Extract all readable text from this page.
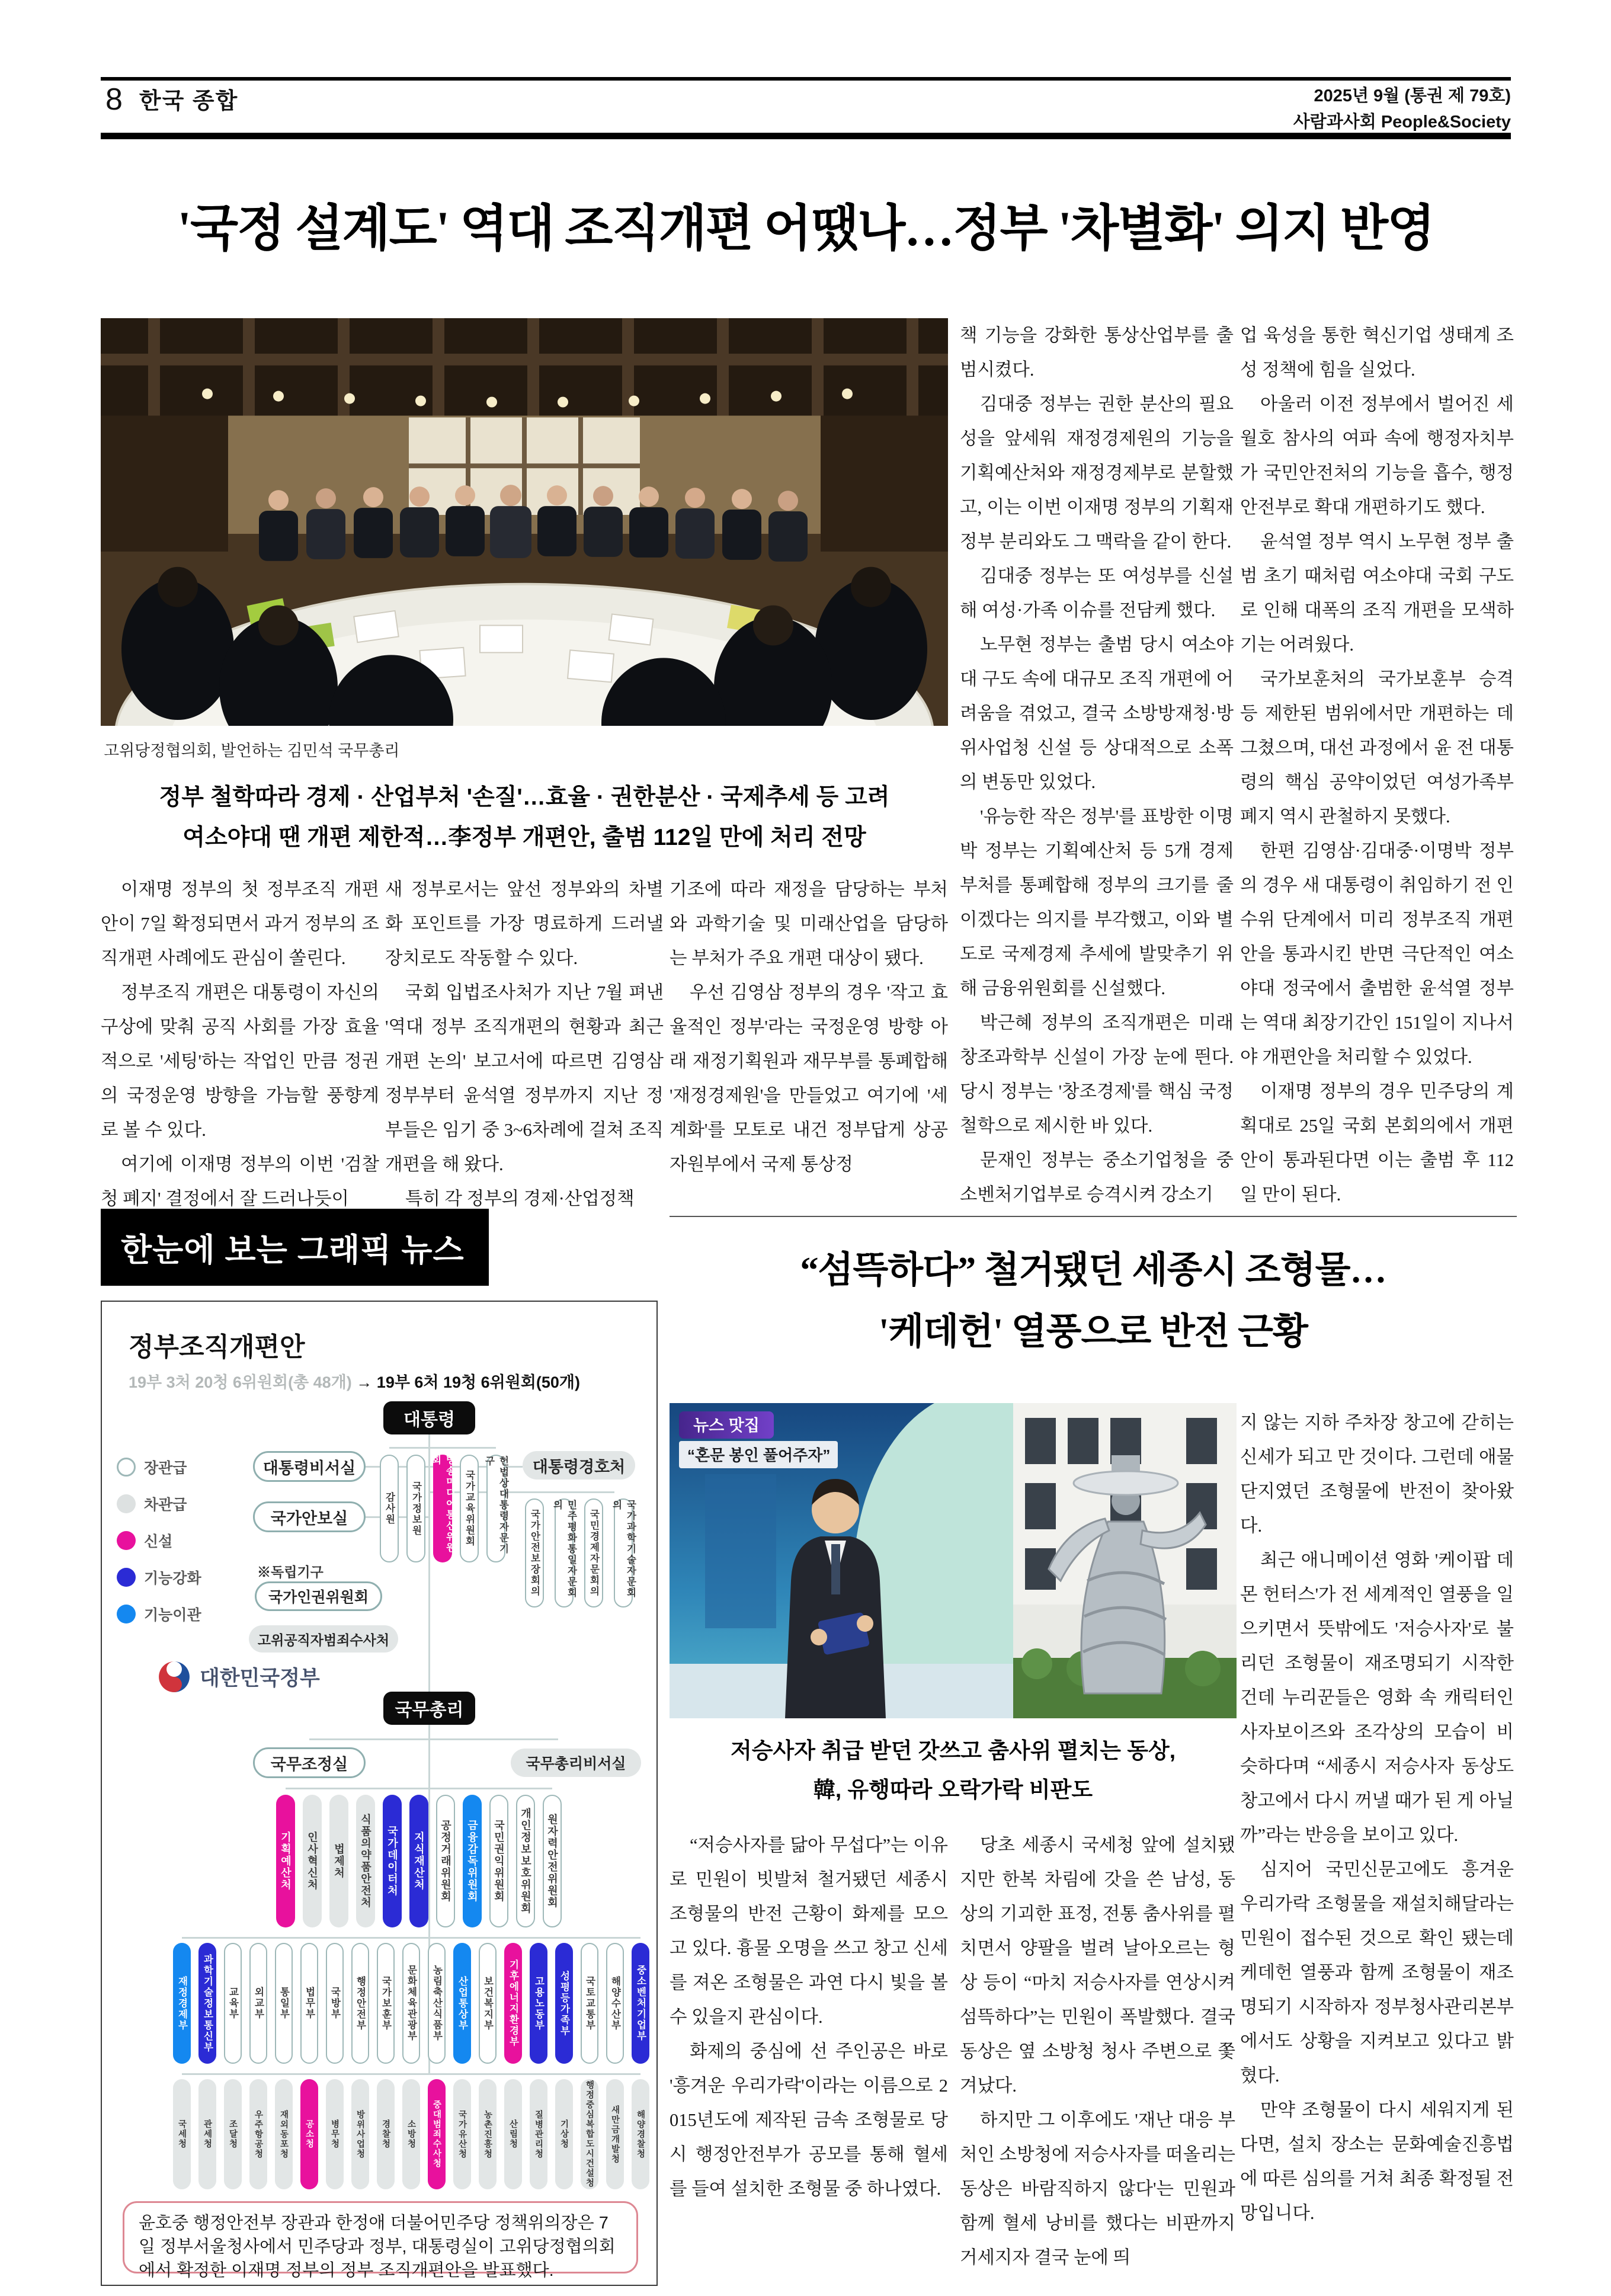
8 한국 종합	2025년 9월 (통권 제 79호)
사람과사회 People&Society
'국정 설계도' 역대 조직개편 어땠나…정부 '차별화' 의지 반영
고위당정협의회, 발언하는 김민석 국무총리
정부 철학따라 경제 · 산업부처 '손질'…효율 · 권한분산 · 국제추세 등 고려
여소야대 땐 개편 제한적…李정부 개편안, 출범 112일 만에 처리 전망

이재명 정부의 첫 정부조직 개편안이 7일 확정되면서 과거 정부의 조직개편 사례에도 관심이 쏠린다.

정부조직 개편은 대통령이 자신의 구상에 맞춰 공직 사회를 가장 효율적으로 '세팅'하는 작업인 만큼 정권의 국정운영 방향을 가늠할 풍향계로 볼 수 있다.

여기에 이재명 정부의 이번 '검찰청 폐지' 결정에서 잘 드러나듯이

새 정부로서는 앞선 정부와의 차별화 포인트를 가장 명료하게 드러낼 장치로도 작동할 수 있다.

국회 입법조사처가 지난 7월 펴낸 '역대 정부 조직개편의 현황과 최근 개편 논의' 보고서에 따르면 김영삼 정부부터 윤석열 정부까지 지난 정부들은 임기 중 3~6차례에 걸쳐 조직개편을 해 왔다.

특히 각 정부의 경제·산업정책

기조에 따라 재정을 담당하는 부처와 과학기술 및 미래산업을 담당하는 부처가 주요 개편 대상이 됐다.

우선 김영삼 정부의 경우 '작고 효율적인 정부'라는 국정운영 방향 아래 재정기획원과 재무부를 통폐합해 '재정경제원'을 만들었고 여기에 '세계화'를 모토로 내건 정부답게 상공자원부에서 국제 통상정

책 기능을 강화한 통상산업부를 출범시켰다.

김대중 정부는 권한 분산의 필요성을 앞세워 재정경제원의 기능을 기획예산처와 재정경제부로 분할했고, 이는 이번 이재명 정부의 기획재정부 분리와도 그 맥락을 같이 한다.

김대중 정부는 또 여성부를 신설해 여성·가족 이슈를 전담케 했다.

노무현 정부는 출범 당시 여소야대 구도 속에 대규모 조직 개편에 어려움을 겪었고, 결국 소방방재청·방위사업청 신설 등 상대적으로 소폭의 변동만 있었다.

'유능한 작은 정부'를 표방한 이명박 정부는 기획예산처 등 5개 경제부처를 통폐합해 정부의 크기를 줄이겠다는 의지를 부각했고, 이와 별도로 국제경제 추세에 발맞추기 위해 금융위원회를 신설했다.

박근혜 정부의 조직개편은 미래창조과학부 신설이 가장 눈에 띈다. 당시 정부는 '창조경제'를 핵심 국정철학으로 제시한 바 있다.

문재인 정부는 중소기업청을 중소벤처기업부로 승격시켜 강소기

업 육성을 통한 혁신기업 생태계 조성 정책에 힘을 실었다.

아울러 이전 정부에서 벌어진 세월호 참사의 여파 속에 행정자치부가 국민안전처의 기능을 흡수, 행정안전부로 확대 개편하기도 했다.

윤석열 정부 역시 노무현 정부 출범 초기 때처럼 여소야대 국회 구도로 인해 대폭의 조직 개편을 모색하기는 어려웠다.

국가보훈처의 국가보훈부 승격 등 제한된 범위에서만 개편하는 데 그쳤으며, 대선 과정에서 윤 전 대통령의 핵심 공약이었던 여성가족부 폐지 역시 관철하지 못했다.

한편 김영삼·김대중·이명박 정부의 경우 새 대통령이 취임하기 전 인수위 단계에서 미리 정부조직 개편안을 통과시킨 반면 극단적인 여소야대 정국에서 출범한 윤석열 정부는 역대 최장기간인 151일이 지나서야 개편안을 처리할 수 있었다.

이재명 정부의 경우 민주당의 계획대로 25일 국회 본회의에서 개편안이 통과된다면 이는 출범 후 112일 만이 된다.

한눈에 보는 그래픽 뉴스
정부조직개편안
19부 3처 20청 6위원회(총 48개) → 19부 6처 19청 6위원회(50개)
대통령
대통령비서실	대통령경호처
국가안보실
장관급
차관급
신설
기능강화
기능이관
감사원 국가정보원	방송미디어통신위원회
국가교육위원회	헌법상대통령자문기구
국가안전보장회의	민주평화통일자문회의
국민경제자문회의	국가과학기술자문회의
※독립기구
국가인권위원회
고위공직자범죄수사처
대한민국정부
국무총리
국무조정실	국무총리비서실
기획예산처 인사혁신처 법제처 식품의약품안전처 국가데이터처 지식재산처 공정거래위원회 금융감독위원회 국민권익위원회 개인정보보호위원회 원자력안전위원회
재정경제부 과학기술정보통신부 교육부 외교부 통일부 법무부 국방부 행정안전부 국가보훈부 문화체육관광부 농림축산식품부 산업통상부 보건복지부 기후에너지환경부 고용노동부 성평등가족부 국토교통부 해양수산부 중소벤처기업부
국세청 관세청 조달청 우주항공청 재외동포청 공소청 병무청 방위사업청 경찰청 소방청 중대범죄수사청 국가유산청 농촌진흥청 산림청 질병관리청 기상청 행정중심복합도시건설청 새만금개발청 해양경찰청
윤호중 행정안전부 장관과 한정애 더불어민주당 정책위의장은 7일 정부서울청사에서 민주당과 정부, 대통령실이 고위당정협의회에서 확정한 이재명 정부의 정부 조직개편안을 발표했다.
“섬뜩하다” 철거됐던 세종시 조형물…
'케데헌' 열풍으로 반전 근황
뉴스 맛집
“혼문 봉인 풀어주자”
저승사자 취급 받던 갓쓰고 춤사위 펼치는 동상,
韓, 유행따라 오락가락 비판도

“저승사자를 닮아 무섭다”는 이유로 민원이 빗발쳐 철거됐던 세종시 조형물의 반전 근황이 화제를 모으고 있다. 흉물 오명을 쓰고 창고 신세를 져온 조형물은 과연 다시 빛을 볼 수 있을지 관심이다.

화제의 중심에 선 주인공은 바로 '흥겨운 우리가락'이라는 이름으로 2015년도에 제작된 금속 조형물로 당시 행정안전부가 공모를 통해 혈세를 들여 설치한 조형물 중 하나였다.

당초 세종시 국세청 앞에 설치됐지만 한복 차림에 갓을 쓴 남성, 동상의 기괴한 표정, 전통 춤사위를 펼치면서 양팔을 벌려 날아오르는 형상 등이 “마치 저승사자를 연상시켜 섬뜩하다”는 민원이 폭발했다. 결국 동상은 옆 소방청 청사 주변으로 쫓겨났다.

하지만 그 이후에도 '재난 대응 부처인 소방청에 저승사자를 떠올리는 동상은 바람직하지 않다'는 민원과 함께 혈세 낭비를 했다는 비판까지 거세지자 결국 눈에 띄

지 않는 지하 주차장 창고에 갇히는 신세가 되고 만 것이다. 그런데 애물단지였던 조형물에 반전이 찾아왔다.

최근 애니메이션 영화 '케이팝 데몬 헌터스'가 전 세계적인 열풍을 일으키면서 뜻밖에도 '저승사자'로 불리던 조형물이 재조명되기 시작한 건데 누리꾼들은 영화 속 캐릭터인 사자보이즈와 조각상의 모습이 비슷하다며 “세종시 저승사자 동상도 창고에서 다시 꺼낼 때가 된 게 아닐까”라는 반응을 보이고 있다.

심지어 국민신문고에도 흥겨운 우리가락 조형물을 재설치해달라는 민원이 접수된 것으로 확인 됐는데 케데헌 열풍과 함께 조형물이 재조명되기 시작하자 정부청사관리본부에서도 상황을 지켜보고 있다고 밝혔다.

만약 조형물이 다시 세워지게 된다면, 설치 장소는 문화예술진흥법에 따른 심의를 거쳐 최종 확정될 전망입니다.
